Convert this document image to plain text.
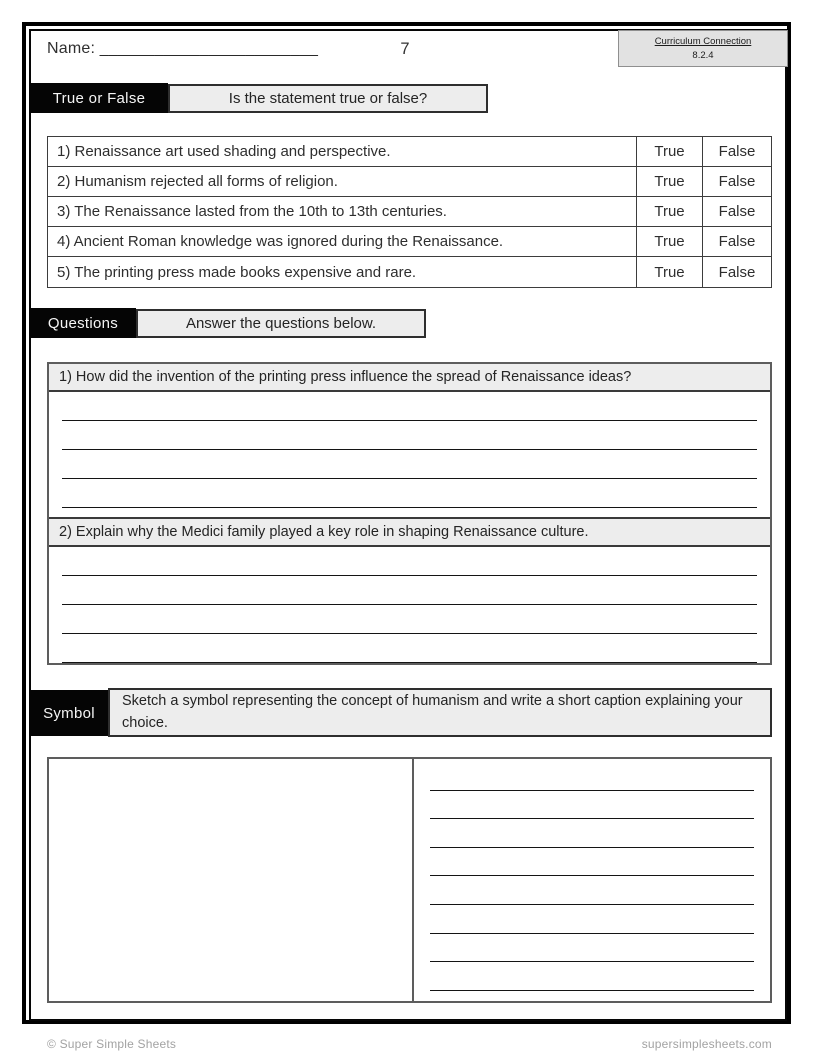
Name: ________________________	7	Curriculum Connection
8.2.4
True or False	Is the statement true or false?
1) Renaissance art used shading and perspective.	True	False
2) Humanism rejected all forms of religion.	True	False
3) The Renaissance lasted from the 10th to 13th centuries.	True	False
4) Ancient Roman knowledge was ignored during the Renaissance.	True	False
5) The printing press made books expensive and rare.	True	False
Questions	Answer the questions below.
1) How did the invention of the printing press influence the spread of Renaissance ideas?
2) Explain why the Medici family played a key role in shaping Renaissance culture.
Symbol
Sketch a symbol representing the concept of humanism and write a short caption explaining your choice.
© Super Simple Sheets	supersimplesheets.com
